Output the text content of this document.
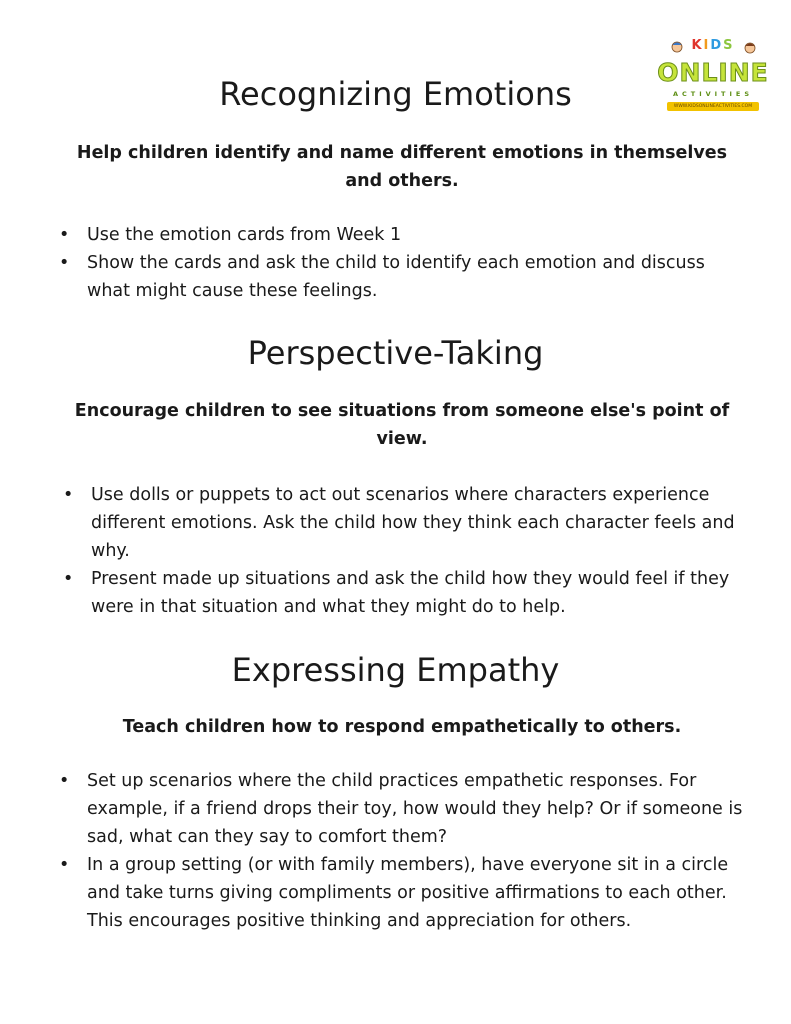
KIDS
ONLINE
ACTIVITIES
WWW.KIDSONLINEACTIVITIES.COM
Recognizing Emotions
Help children identify and name different emotions in themselves and others.
• Use the emotion cards from Week 1
• Show the cards and ask the child to identify each emotion and discuss what might cause these feelings.
Perspective-Taking
Encourage children to see situations from someone else's point of view.
• Use dolls or puppets to act out scenarios where characters experience different emotions. Ask the child how they think each character feels and why.
• Present made up situations and ask the child how they would feel if they were in that situation and what they might do to help.
Expressing Empathy
Teach children how to respond empathetically to others.
• Set up scenarios where the child practices empathetic responses. For example, if a friend drops their toy, how would they help? Or if someone is sad, what can they say to comfort them?
• In a group setting (or with family members), have everyone sit in a circle and take turns giving compliments or positive affirmations to each other. This encourages positive thinking and appreciation for others.
